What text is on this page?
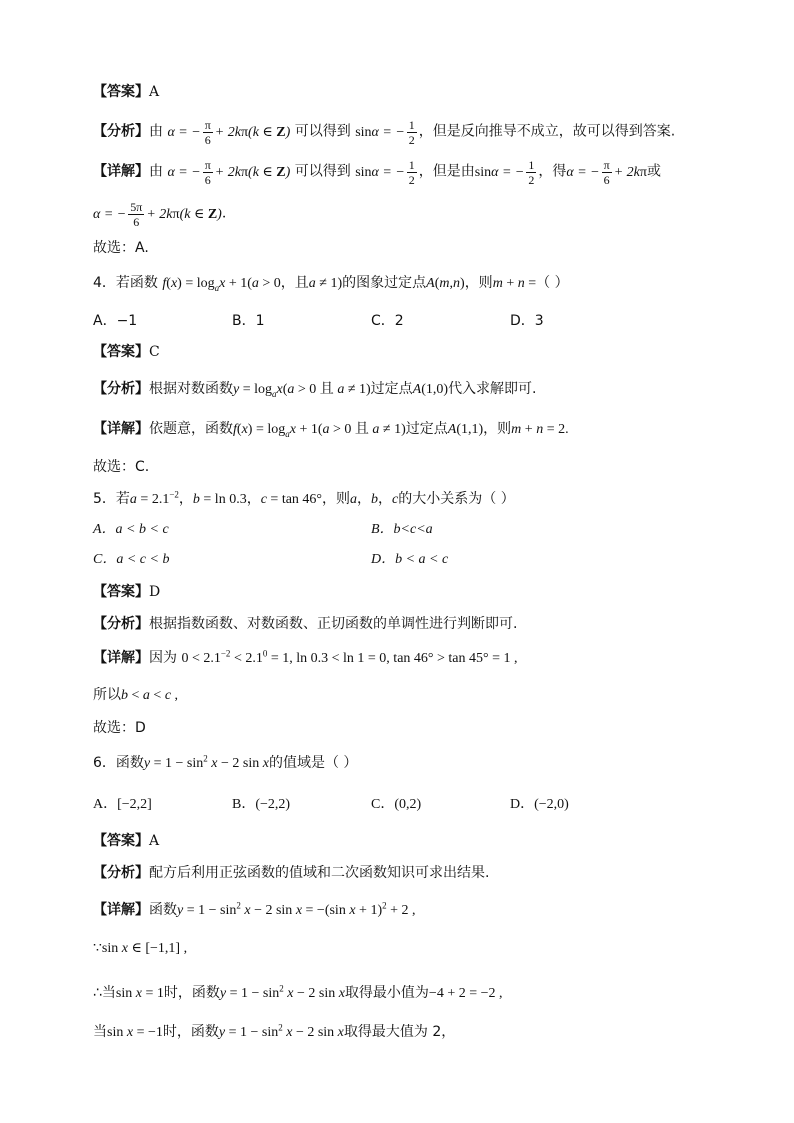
【答案】A
【分析】由 α = − $\frac{\pi}{6} + 2k\pi(k$ ∈ Z) 可以得到 sinα = − $\frac{1}{2}$ ，但是反向推导不成立，故可以得到答案.
【详解】由 α = − $\frac{\pi}{6} + 2k\pi(k$ ∈ Z) 可以得到 sinα = − $\frac{1}{2}$ ，但是由sinα = − $\frac{1}{2}$ ，得α = − $\frac{\pi}{6} + 2k\pi$或
α = − $\frac{5\pi}{6} + 2k\pi(k$ ∈ Z).
故选：A.
4．若函数 $f(x) = \log_ax + 1(a > 0$，且a ≠ 1)的图象过定点A(m,n)，则m + n =（ ）
A．−1	B．1	C．2	D．3
【答案】C
【分析】根据对数函数$y = \log_ax(a > 0$ 且 a ≠ 1)过定点A(1,0)代入求解即可.
【详解】依题意，函数$f(x) = \log_ax + 1(a > 0$ 且 a ≠ 1)过定点A(1,1)，则m + n = 2.
故选：C.
5．若$a = 2.1^{-2}$，b = ln 0.3，c = tan 46°，则a，b，c的大小关系为（ ）
A．a < b < c	B．b<c<a
C．a < c < b	D．b < a < c
【答案】D
【分析】根据指数函数、对数函数、正切函数的单调性进行判断即可.
【详解】因为 $0 < 2.1^{-2} < 2.1^0 = 1$, ln 0.3 < ln 1 = 0, tan 46° > tan 45° = 1 ,
所以b < a < c ,
故选：D
6．函数$y = 1 - \sin^2 x - 2$ sin x的值域是（ ）
A．[−2,2]	B．(−2,2)	C．(0,2)	D．(−2,0)
【答案】A
【分析】配方后利用正弦函数的值域和二次函数知识可求出结果.
【详解】函数$y = 1 - \sin^2 x - 2$ sin x = −(sin x + 1)$^2$ + 2 ,
∵sin x ∈ [−1,1] ,
∴当sin x = 1时，函数$y = 1 - \sin^2 x - 2$ sin x取得最小值为−4 + 2 = −2 ,
当sin x = −1时，函数$y = 1 - \sin^2 x - 2$ sin x取得最大值为 2，
